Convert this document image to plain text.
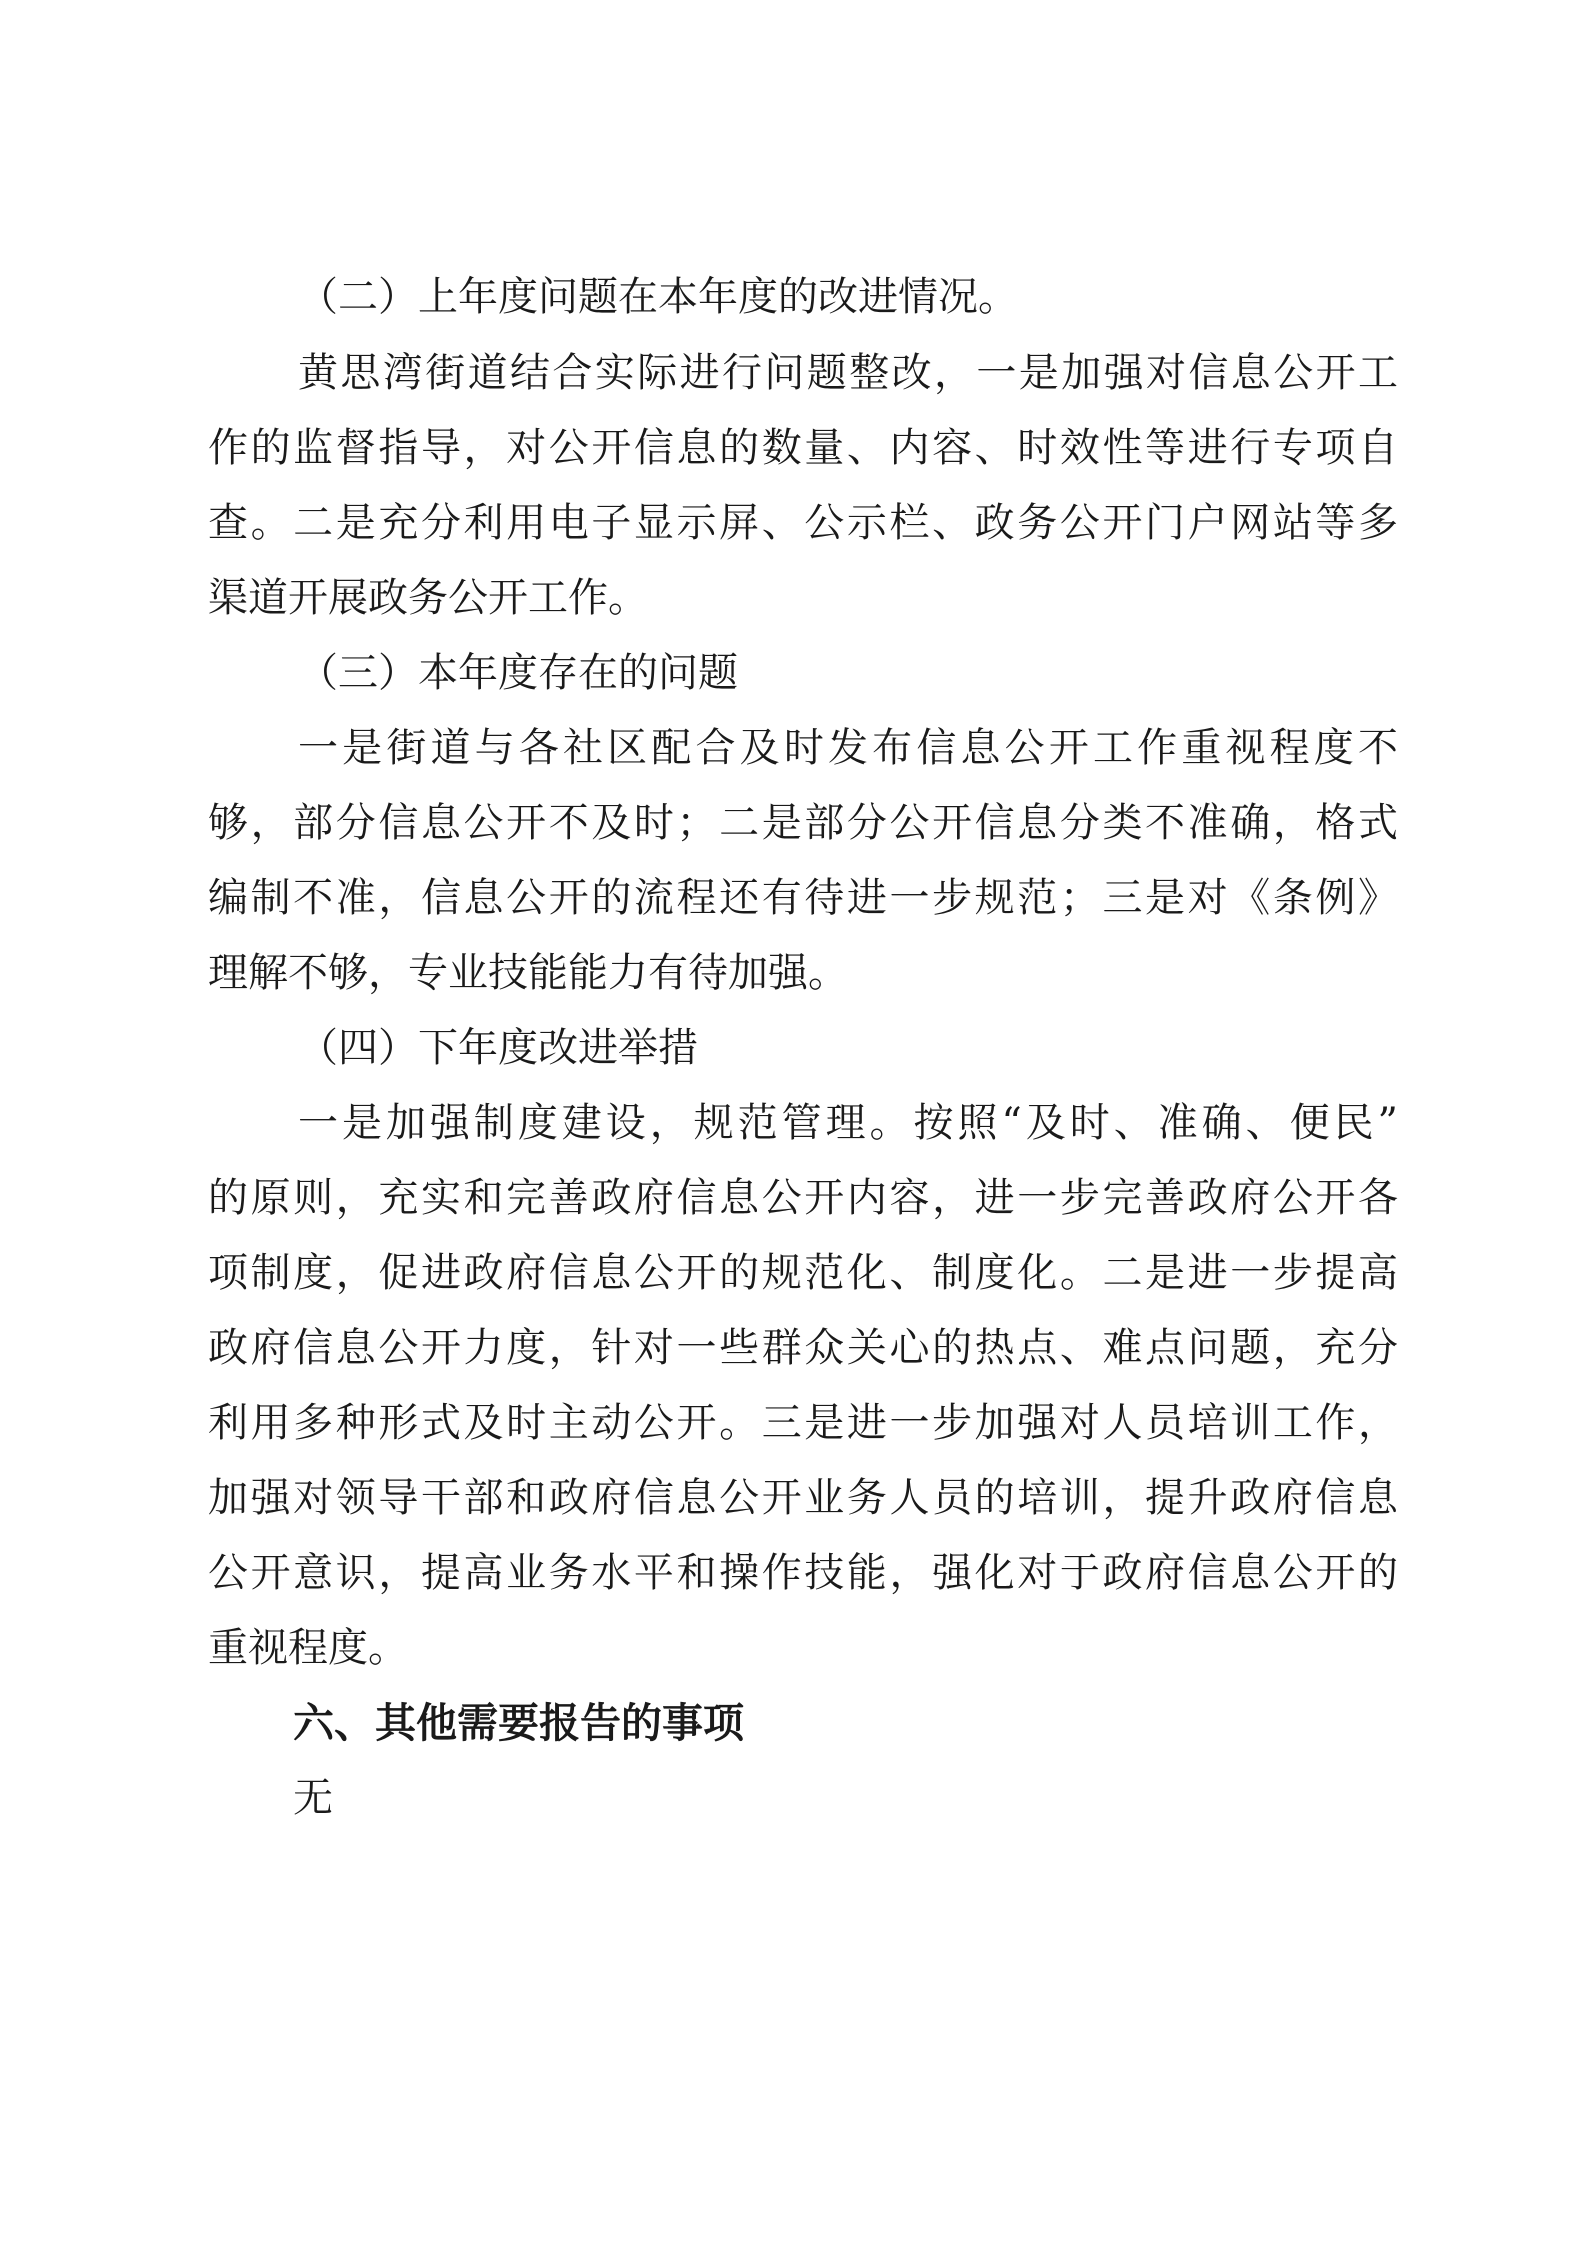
（二）上年度问题在本年度的改进情况。
黄思湾街道结合实际进行问题整改，一是加强对信息公开工
作的监督指导，对公开信息的数量、内容、时效性等进行专项自
查。二是充分利用电子显示屏、公示栏、政务公开门户网站等多
渠道开展政务公开工作。
（三）本年度存在的问题
一是街道与各社区配合及时发布信息公开工作重视程度不
够，部分信息公开不及时；二是部分公开信息分类不准确，格式
编制不准，信息公开的流程还有待进一步规范；三是对《条例》
理解不够，专业技能能力有待加强。
（四）下年度改进举措
一是加强制度建设，规范管理。按照“及时、准确、便民”
的原则，充实和完善政府信息公开内容，进一步完善政府公开各
项制度，促进政府信息公开的规范化、制度化。二是进一步提高
政府信息公开力度，针对一些群众关心的热点、难点问题，充分
利用多种形式及时主动公开。三是进一步加强对人员培训工作，
加强对领导干部和政府信息公开业务人员的培训，提升政府信息
公开意识，提高业务水平和操作技能，强化对于政府信息公开的
重视程度。
六、其他需要报告的事项
无
